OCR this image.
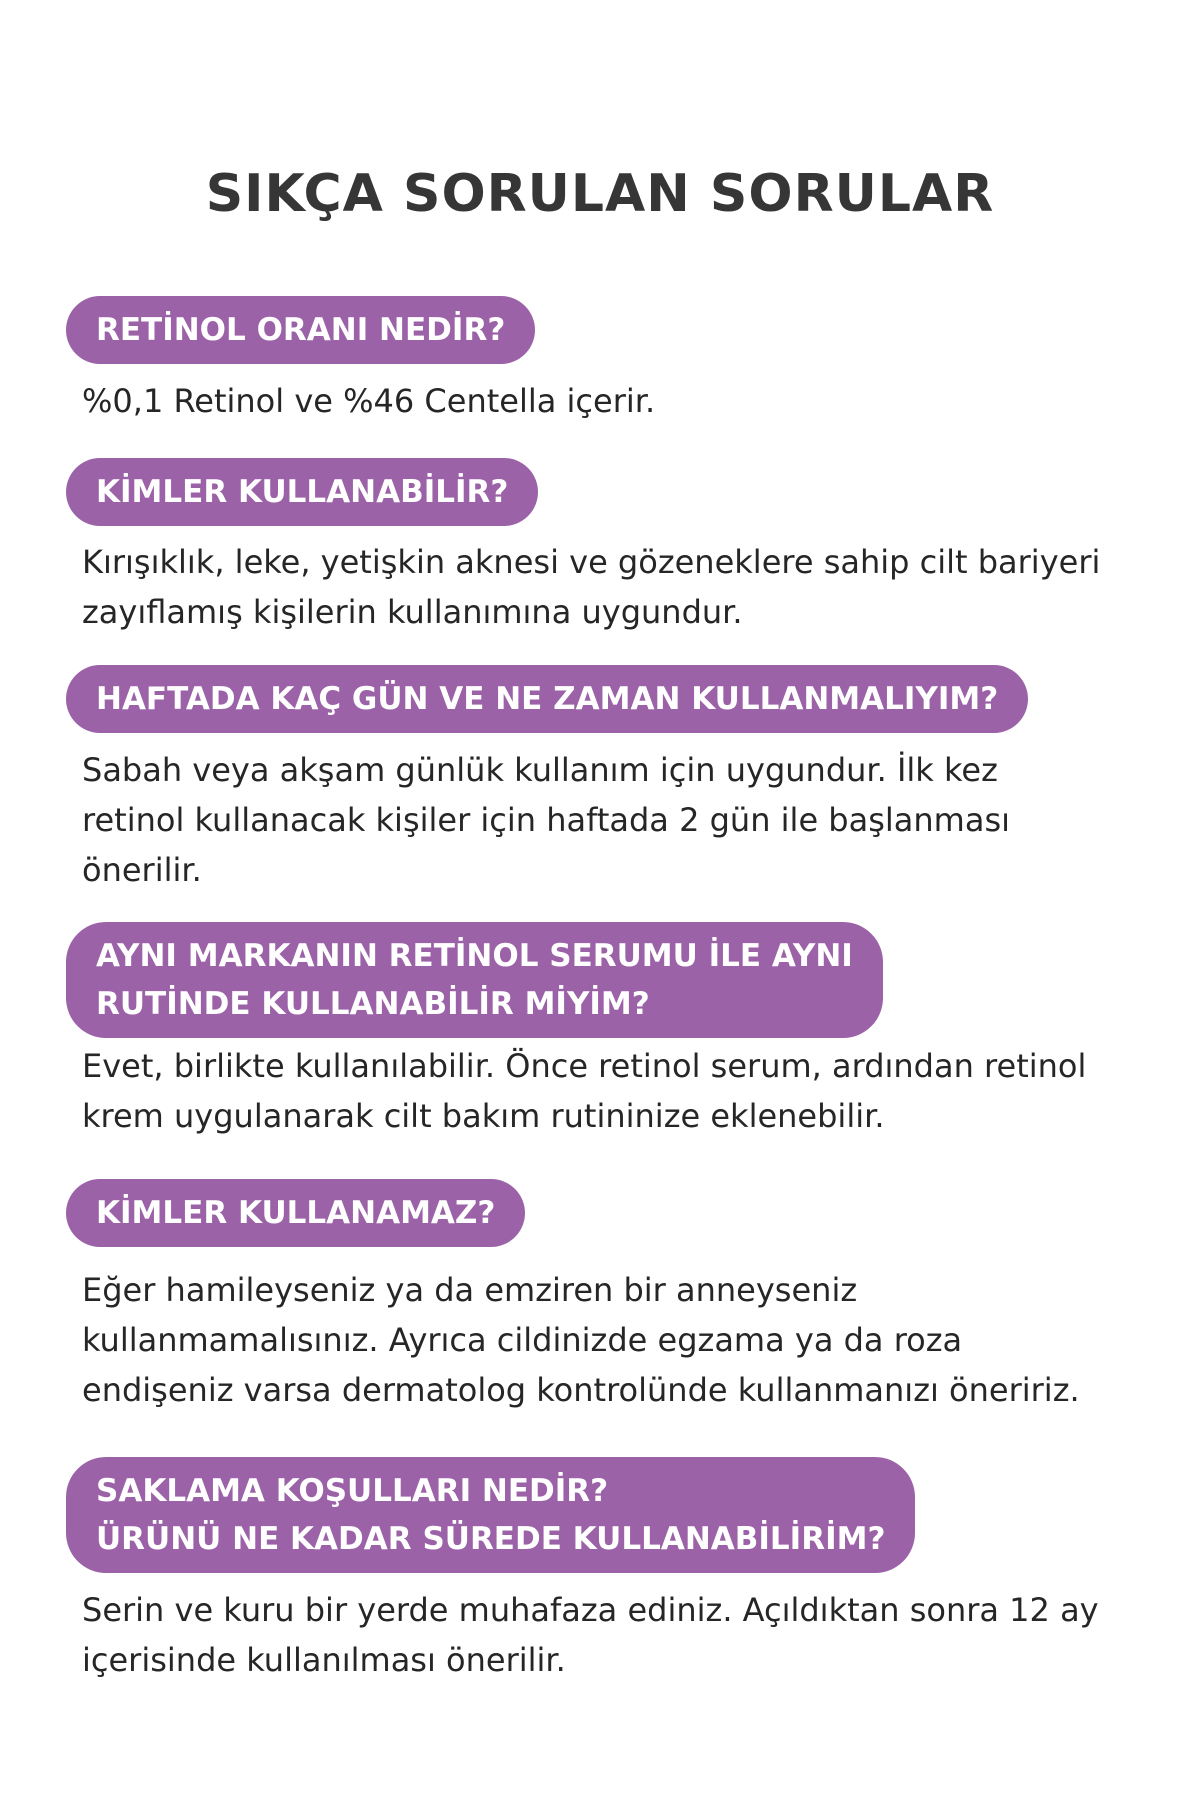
SIKÇA SORULAN SORULAR
RETİNOL ORANI NEDİR?
%0,1 Retinol ve %46 Centella içerir.
KİMLER KULLANABİLİR?
Kırışıklık, leke, yetişkin aknesi ve gözeneklere sahip cilt bariyeri
zayıflamış kişilerin kullanımına uygundur.
HAFTADA KAÇ GÜN VE NE ZAMAN KULLANMALIYIM?
Sabah veya akşam günlük kullanım için uygundur. İlk kez
retinol kullanacak kişiler için haftada 2 gün ile başlanması
önerilir.
AYNI MARKANIN RETİNOL SERUMU İLE AYNI
RUTİNDE KULLANABİLİR MİYİM?
Evet, birlikte kullanılabilir. Önce retinol serum, ardından retinol
krem uygulanarak cilt bakım rutininize eklenebilir.
KİMLER KULLANAMAZ?
Eğer hamileyseniz ya da emziren bir anneyseniz
kullanmamalısınız. Ayrıca cildinizde egzama ya da roza
endişeniz varsa dermatolog kontrolünde kullanmanızı öneririz.
SAKLAMA KOŞULLARI NEDİR?
ÜRÜNÜ NE KADAR SÜREDE KULLANABİLİRİM?
Serin ve kuru bir yerde muhafaza ediniz. Açıldıktan sonra 12 ay
içerisinde kullanılması önerilir.
